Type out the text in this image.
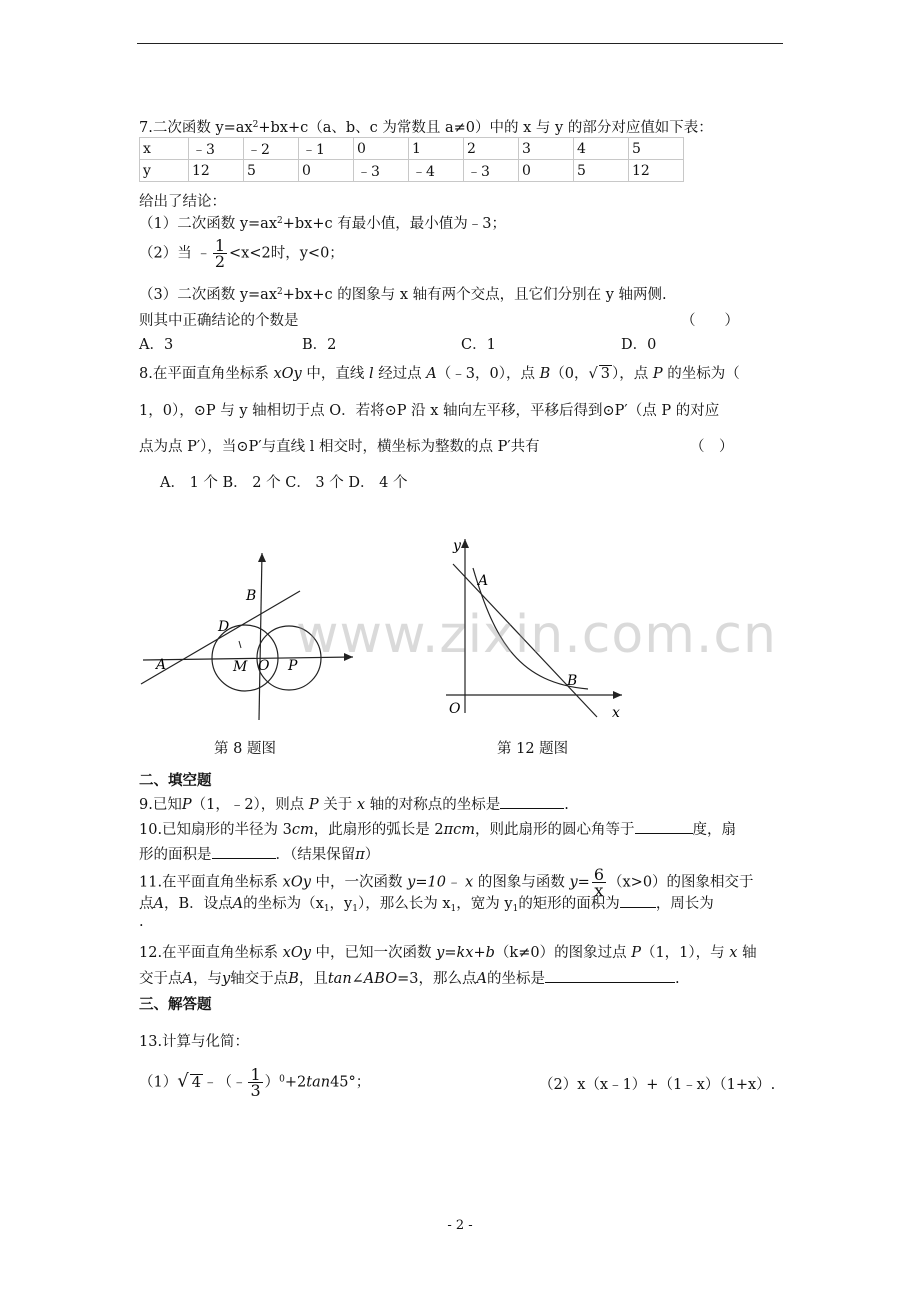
7.二次函数 $y=ax^2+bx+c(a$、b、c 为常数且 a≠0）中的 x 与 y 的部分对应值如下表：
x	﹣3	﹣2	﹣1	0	1	2	3	4	5
y	12	5	0	﹣3	﹣4	﹣3	0	5	12
给出了结论：
（1）二次函数 $y=ax^2+bx+c$ 有最小值，最小值为﹣3；
（2）当 ﹣ $\frac{1}{2} <x<2$时，y<0；
（3）二次函数 $y=ax^2+bx+c$ 的图象与 x 轴有两个交点，且它们分别在 y 轴两侧.
则其中正确结论的个数是	（　　）
A．3	B．2	C．1	D．0
8.在平面直角坐标系 xOy 中，直线 l 经过点 A（﹣3，0），点 B（0，√ 3 ），点 P 的坐标为（
1，0），⊙P 与 y 轴相切于点 O．若将⊙P 沿 x 轴向左平移，平移后得到⊙P′（点 P 的对应
点为点 P′），当⊙P′与直线 l 相交时，横坐标为整数的点 P′共有	（　）
A． 1 个 B． 2 个 C． 3 个 D． 4 个
B
D
A	M O P
第 8 题图
y
A
B
O	x
第 12 题图
www.zixin.com.cn
二、填空题
9.已知P（1，﹣2），则点 P 关于 x 轴的对称点的坐标是	.
10.已知扇形的半径为 3cm，此扇形的弧长是 2πcm，则此扇形的圆心角等于	度，扇
形的面积是	．（结果保留π）
11.在平面直角坐标系 xOy 中，一次函数 y=10﹣ x 的图象与函数 $y= \frac{6}{x} (x>0)$的图象相交于
点A，B．设点A的坐标为（$x_1$，$y_1$），那么长为 $x_1$，宽为 $y_1$的矩形的面积为 ，周长为
.
12.在平面直角坐标系 xOy 中，已知一次函数 y=kx+b（k≠0）的图象过点 P（1，1），与 x 轴
交于点A，与y轴交于点B，且tan∠ABO=3，那么点A的坐标是	.
三、解答题
13.计算与化简：
（1）√ 4 ﹣（﹣ $\frac{1}{3} )^0+2\tan 45^\circ$；	（2）x（x﹣1）+（1﹣x）（1+x）.
- 2 -
